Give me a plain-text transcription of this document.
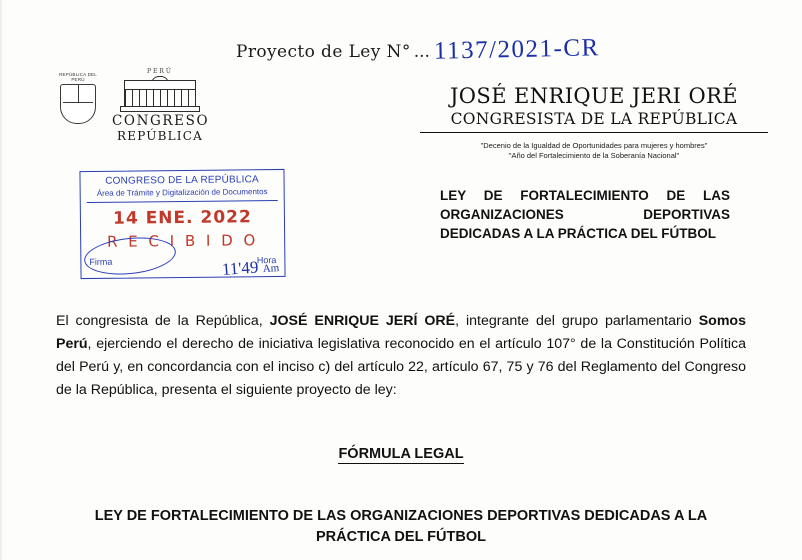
Proyecto de Ley N° ... 1137/2021-CR
REPÚBLICA DEL PERÚ
PERÚ
CONGRESO
REPÚBLICA
JOSÉ ENRIQUE JERI ORÉ
CONGRESISTA DE LA REPÚBLICA
"Decenio de la Igualdad de Oportunidades para mujeres y hombres"
"Año del Fortalecimiento de la Soberanía Nacional"
CONGRESO DE LA REPÚBLICA
Área de Trámite y Digitalización de Documentos
14 ENE. 2022
R E C I B I D O
Firma	Hora
11'49 Am
LEY DE FORTALECIMIENTO DE LAS ORGANIZACIONES DEPORTIVAS DEDICADAS A LA PRÁCTICA DEL FÚTBOL

El congresista de la República, JOSÉ ENRIQUE JERÍ ORÉ, integrante del grupo parlamentario Somos Perú, ejerciendo el derecho de iniciativa legislativa reconocido en el artículo 107° de la Constitución Política del Perú y, en concordancia con el inciso c) del artículo 22, artículo 67, 75 y 76 del Reglamento del Congreso de la República, presenta el siguiente proyecto de ley:

FÓRMULA LEGAL
LEY DE FORTALECIMIENTO DE LAS ORGANIZACIONES DEPORTIVAS DEDICADAS A LA PRÁCTICA DEL FÚTBOL
